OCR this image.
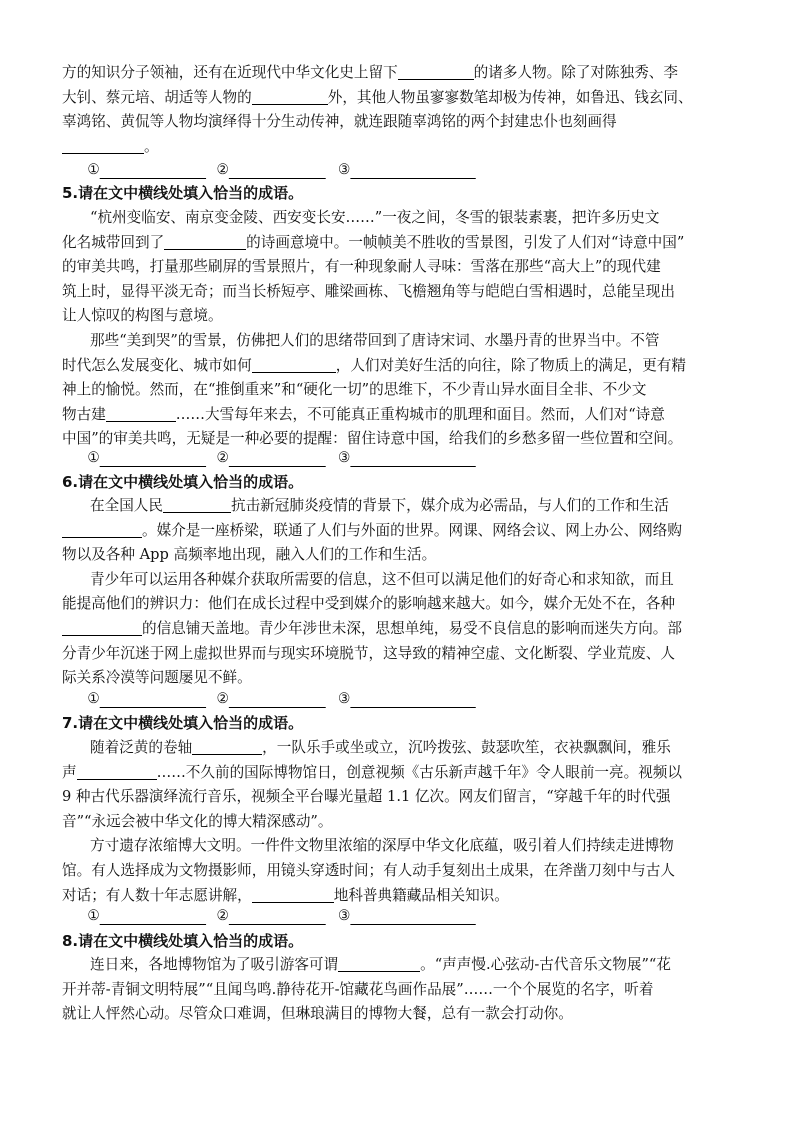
方的知识分子领袖，还有在近现代中华文化史上留下	的诸多人物。除了对陈独秀、李
大钊、蔡元培、胡适等人物的	外，其他人物虽寥寥数笔却极为传神，如鲁迅、钱玄同、
辜鸿铭、黄侃等人物均演绎得十分生动传神，就连跟随辜鸿铭的两个封建忠仆也刻画得
。
①	②	③
5.请在文中横线处填入恰当的成语。
“杭州变临安、南京变金陵、西安变长安……”一夜之间，冬雪的银装素裹，把许多历史文
化名城带回到了	的诗画意境中。一帧帧美不胜收的雪景图，引发了人们对“诗意中国”
的审美共鸣，打量那些刷屏的雪景照片，有一种现象耐人寻味：雪落在那些“高大上”的现代建
筑上时，显得平淡无奇；而当长桥短亭、雕梁画栋、飞檐翘角等与皑皑白雪相遇时，总能呈现出
让人惊叹的构图与意境。
那些“美到哭”的雪景，仿佛把人们的思绪带回到了唐诗宋词、水墨丹青的世界当中。不管
时代怎么发展变化、城市如何	，人们对美好生活的向往，除了物质上的满足，更有精
神上的愉悦。然而，在“推倒重来”和“硬化一切”的思维下，不少青山异水面目全非、不少文
物古建	……大雪每年来去，不可能真正重构城市的肌理和面目。然而，人们对“诗意
中国”的审美共鸣，无疑是一种必要的提醒：留住诗意中国，给我们的乡愁多留一些位置和空间。
①	②	③
6.请在文中横线处填入恰当的成语。
在全国人民	抗击新冠肺炎疫情的背景下，媒介成为必需品，与人们的工作和生活
。媒介是一座桥梁，联通了人们与外面的世界。网课、网络会议、网上办公、网络购
物以及各种 App 高频率地出现，融入人们的工作和生活。
青少年可以运用各种媒介获取所需要的信息，这不但可以满足他们的好奇心和求知欲，而且
能提高他们的辨识力：他们在成长过程中受到媒介的影响越来越大。如今，媒介无处不在，各种
的信息铺天盖地。青少年涉世未深，思想单纯，易受不良信息的影响而迷失方向。部
分青少年沉迷于网上虚拟世界而与现实环境脱节，这导致的精神空虚、文化断裂、学业荒废、人
际关系冷漠等问题屡见不鲜。
①	②	③
7.请在文中横线处填入恰当的成语。
随着泛黄的卷轴	，一队乐手或坐或立，沉吟拨弦、鼓瑟吹笙，衣袂飘飘间，雅乐
声	……不久前的国际博物馆日，创意视频《古乐新声越千年》令人眼前一亮。视频以
9 种古代乐器演绎流行音乐，视频全平台曝光量超 1.1 亿次。网友们留言，“穿越千年的时代强
音”“永远会被中华文化的博大精深感动”。
方寸遗存浓缩博大文明。一件件文物里浓缩的深厚中华文化底蕴，吸引着人们持续走进博物
馆。有人选择成为文物摄影师，用镜头穿透时间；有人动手复刻出土成果，在斧凿刀刻中与古人
对话；有人数十年志愿讲解，	地科普典籍藏品相关知识。
①	②	③
8.请在文中横线处填入恰当的成语。
连日来，各地博物馆为了吸引游客可谓	。“声声慢.心弦动-古代音乐文物展”“花
开并蒂-青铜文明特展”“且闻鸟鸣.静待花开-馆藏花鸟画作品展”……一个个展览的名字，听着
就让人怦然心动。尽管众口难调，但琳琅满目的博物大餐，总有一款会打动你。
